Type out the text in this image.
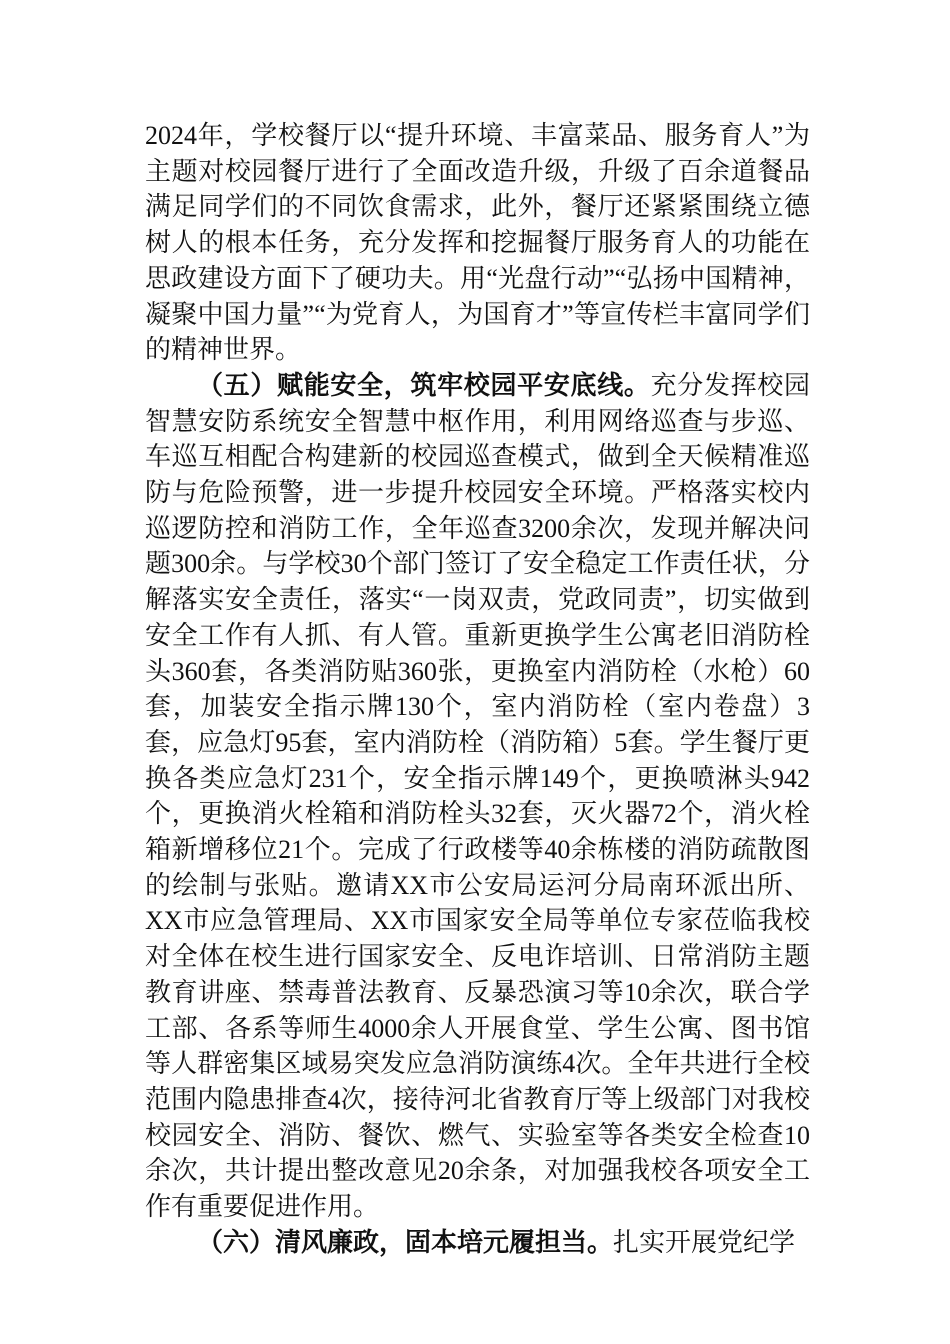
2024年，学校餐厅以“提升环境、丰富菜品、服务育人”为主题对校园餐厅进行了全面改造升级，升级了百余道餐品满足同学们的不同饮食需求，此外，餐厅还紧紧围绕立德树人的根本任务，充分发挥和挖掘餐厅服务育人的功能在思政建设方面下了硬功夫。用“光盘行动”“弘扬中国精神，凝聚中国力量”“为党育人，为国育才”等宣传栏丰富同学们的精神世界。

（五）赋能安全，筑牢校园平安底线。充分发挥校园智慧安防系统安全智慧中枢作用，利用网络巡查与步巡、车巡互相配合构建新的校园巡查模式，做到全天候精准巡防与危险预警，进一步提升校园安全环境。严格落实校内巡逻防控和消防工作，全年巡查3200余次，发现并解决问题300余。与学校30个部门签订了安全稳定工作责任状，分解落实安全责任，落实“一岗双责，党政同责”，切实做到安全工作有人抓、有人管。重新更换学生公寓老旧消防栓头360套，各类消防贴360张，更换室内消防栓（水枪）60套，加装安全指示牌130个，室内消防栓（室内卷盘）3套，应急灯95套，室内消防栓（消防箱）5套。学生餐厅更换各类应急灯231个，安全指示牌149个，更换喷淋头942个，更换消火栓箱和消防栓头32套，灭火器72个，消火栓箱新增移位21个。完成了行政楼等40余栋楼的消防疏散图的绘制与张贴。邀请XX市公安局运河分局南环派出所、XX市应急管理局、XX市国家安全局等单位专家莅临我校对全体在校生进行国家安全、反电诈培训、日常消防主题教育讲座、禁毒普法教育、反暴恐演习等10余次，联合学工部、各系等师生4000余人开展食堂、学生公寓、图书馆等人群密集区域易突发应急消防演练4次。全年共进行全校范围内隐患排查4次，接待河北省教育厅等上级部门对我校校园安全、消防、餐饮、燃气、实验室等各类安全检查10余次，共计提出整改意见20余条，对加强我校各项安全工作有重要促进作用。

（六）清风廉政，固本培元履担当。扎实开展党纪学
